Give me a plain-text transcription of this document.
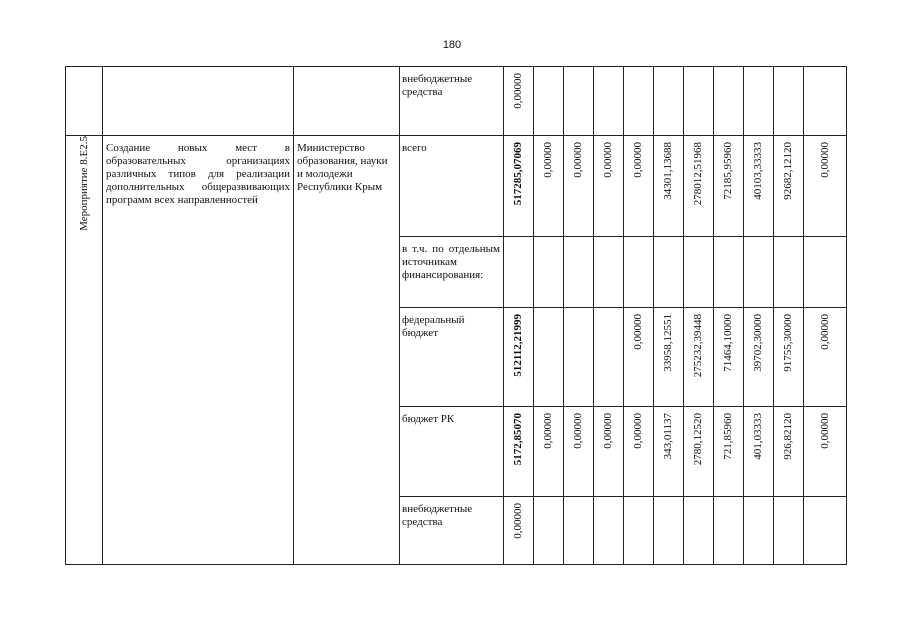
180

			внебюджетные средства	0,00000										

Мероприятие 8.E2.5	Создание новых мест в образовательных организациях различных типов для реализации дополнительных общеразвивающих программ всех направленностей	Министерство образования, науки и молодежи Республики Крым	всего	517285,07069	0,00000	0,00000	0,00000	0,00000	34301,13688	278012,51968	72185,95960	40103,33333	92682,12120	0,00000

			в т.ч. по отдельным источникам финансирования:											

			федеральный бюджет	512112,21999				0,00000	33958,12551	275232,39448	71464,10000	39702,30000	91755,30000	0,00000

			бюджет РК	5172,85070	0,00000	0,00000	0,00000	0,00000	343,01137	2780,12520	721,85960	401,03333	926,82120	0,00000

			внебюджетные средства	0,00000										
